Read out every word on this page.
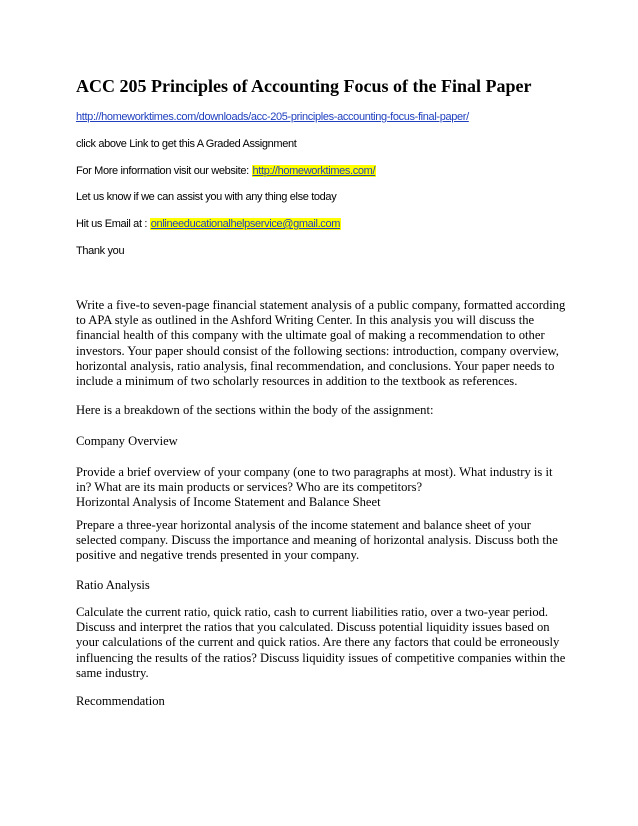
ACC 205 Principles of Accounting Focus of the Final Paper
http://homeworktimes.com/downloads/acc-205-principles-accounting-focus-final-paper/
click above Link to get this A Graded Assignment
For More information visit our website: http://homeworktimes.com/
Let us know if we can assist you with any thing else today
Hit us Email at : onlineeducationalhelpservice@gmail.com
Thank you
Write a five-to seven-page financial statement analysis of a public company, formatted according
to APA style as outlined in the Ashford Writing Center. In this analysis you will discuss the
financial health of this company with the ultimate goal of making a recommendation to other
investors. Your paper should consist of the following sections: introduction, company overview,
horizontal analysis, ratio analysis, final recommendation, and conclusions. Your paper needs to
include a minimum of two scholarly resources in addition to the textbook as references.
Here is a breakdown of the sections within the body of the assignment:
Company Overview
Provide a brief overview of your company (one to two paragraphs at most). What industry is it
in? What are its main products or services? Who are its competitors?
Horizontal Analysis of Income Statement and Balance Sheet
Prepare a three-year horizontal analysis of the income statement and balance sheet of your
selected company. Discuss the importance and meaning of horizontal analysis. Discuss both the
positive and negative trends presented in your company.
Ratio Analysis
Calculate the current ratio, quick ratio, cash to current liabilities ratio, over a two-year period.
Discuss and interpret the ratios that you calculated. Discuss potential liquidity issues based on
your calculations of the current and quick ratios. Are there any factors that could be erroneously
influencing the results of the ratios? Discuss liquidity issues of competitive companies within the
same industry.
Recommendation
